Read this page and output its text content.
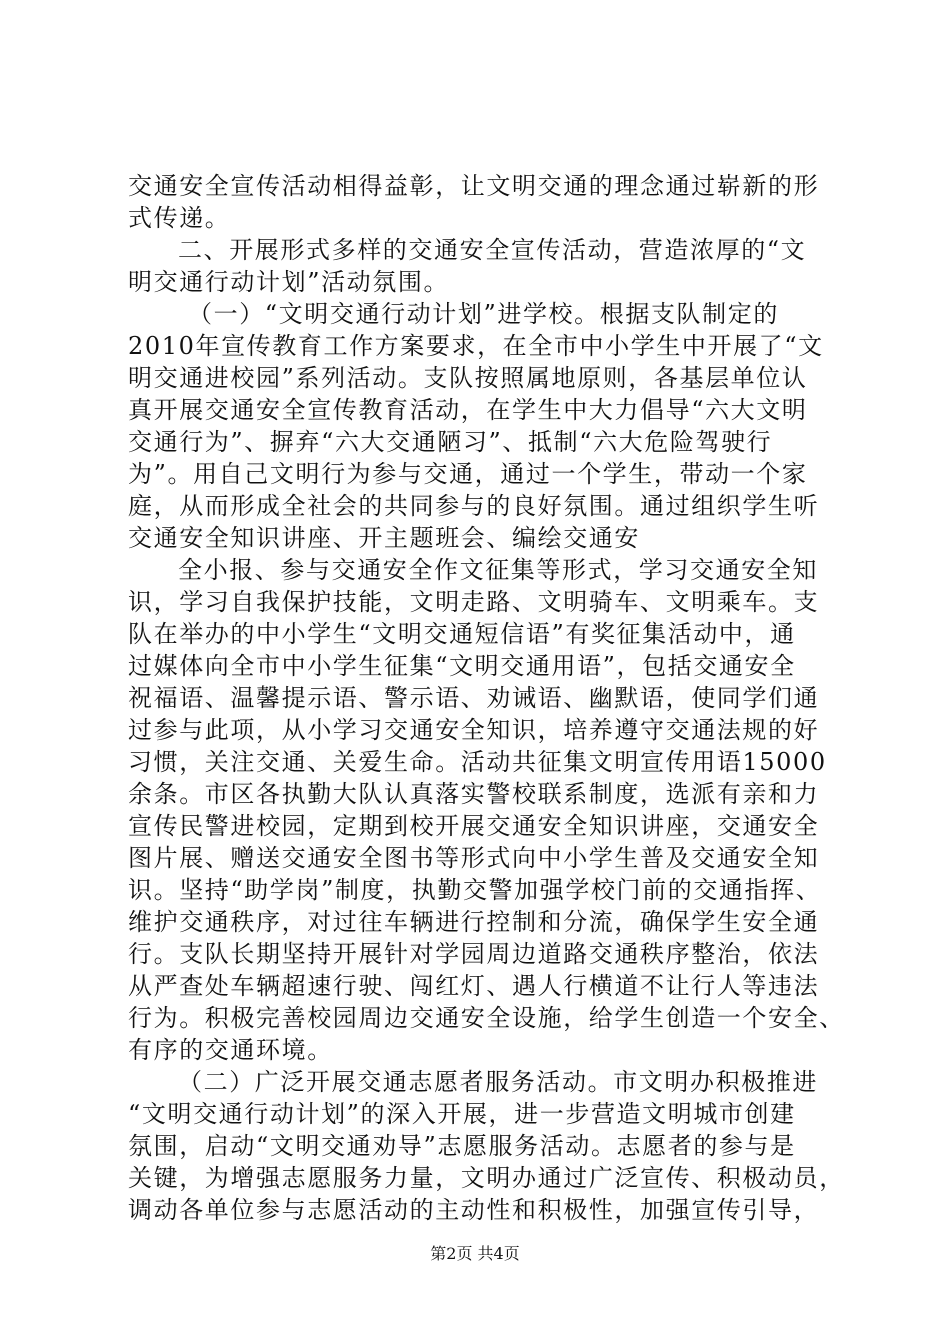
交通安全宣传活动相得益彰，让文明交通的理念通过崭新的形
式传递。
二、开展形式多样的交通安全宣传活动，营造浓厚的“文
明交通行动计划”活动氛围。
（一）“文明交通行动计划”进学校。根据支队制定的
2010年宣传教育工作方案要求，在全市中小学生中开展了“文
明交通进校园”系列活动。支队按照属地原则，各基层单位认
真开展交通安全宣传教育活动，在学生中大力倡导“六大文明
交通行为”、摒弃“六大交通陋习”、抵制“六大危险驾驶行
为”。用自己文明行为参与交通，通过一个学生，带动一个家
庭，从而形成全社会的共同参与的良好氛围。通过组织学生听
交通安全知识讲座、开主题班会、编绘交通安
全小报、参与交通安全作文征集等形式，学习交通安全知
识，学习自我保护技能，文明走路、文明骑车、文明乘车。支
队在举办的中小学生“文明交通短信语”有奖征集活动中，通
过媒体向全市中小学生征集“文明交通用语”，包括交通安全
祝福语、温馨提示语、警示语、劝诫语、幽默语，使同学们通
过参与此项，从小学习交通安全知识，培养遵守交通法规的好
习惯，关注交通、关爱生命。活动共征集文明宣传用语15000
余条。市区各执勤大队认真落实警校联系制度，选派有亲和力
宣传民警进校园，定期到校开展交通安全知识讲座，交通安全
图片展、赠送交通安全图书等形式向中小学生普及交通安全知
识。坚持“助学岗”制度，执勤交警加强学校门前的交通指挥、
维护交通秩序，对过往车辆进行控制和分流，确保学生安全通
行。支队长期坚持开展针对学园周边道路交通秩序整治，依法
从严查处车辆超速行驶、闯红灯、遇人行横道不让行人等违法
行为。积极完善校园周边交通安全设施，给学生创造一个安全、
有序的交通环境。
（二）广泛开展交通志愿者服务活动。市文明办积极推进
“文明交通行动计划”的深入开展，进一步营造文明城市创建
氛围，启动“文明交通劝导”志愿服务活动。志愿者的参与是
关键，为增强志愿服务力量，文明办通过广泛宣传、积极动员，
调动各单位参与志愿活动的主动性和积极性，加强宣传引导，
第2页 共4页
